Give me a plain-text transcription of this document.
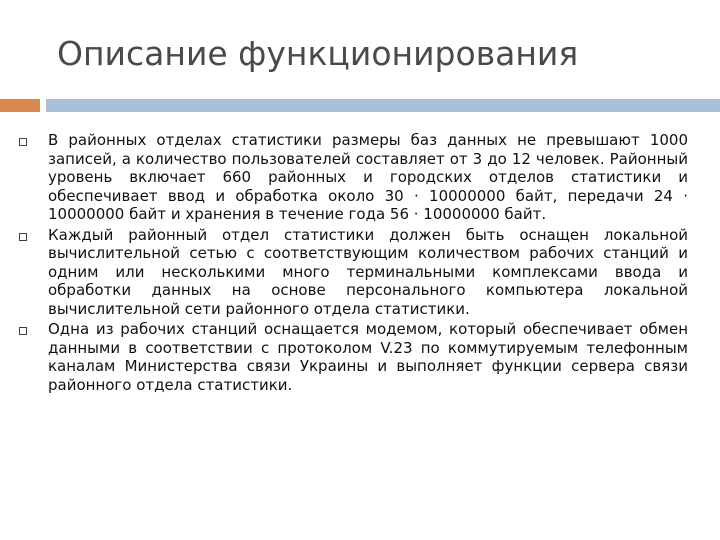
Описание функционирования
В районных отделах статистики размеры баз данных не превышают 1000 записей, а количество пользователей составляет от 3 до 12 человек. Районный уровень включает 660 районных и городских отделов статистики и обеспечивает ввод и обработка около 30 · 10000000 байт, передачи 24 · 10000000 байт и хранения в течение года 56 · 10000000 байт.
Каждый районный отдел статистики должен быть оснащен локальной вычислительной сетью с соответствующим количеством рабочих станций и одним или несколькими много терминальными комплексами ввода и обработки данных на основе персонального компьютера локальной вычислительной сети районного отдела статистики.
Одна из рабочих станций оснащается модемом, который обеспечивает обмен данными в соответствии с протоколом V.23 по коммутируемым телефонным каналам Министерства связи Украины и выполняет функции сервера связи районного отдела статистики.
